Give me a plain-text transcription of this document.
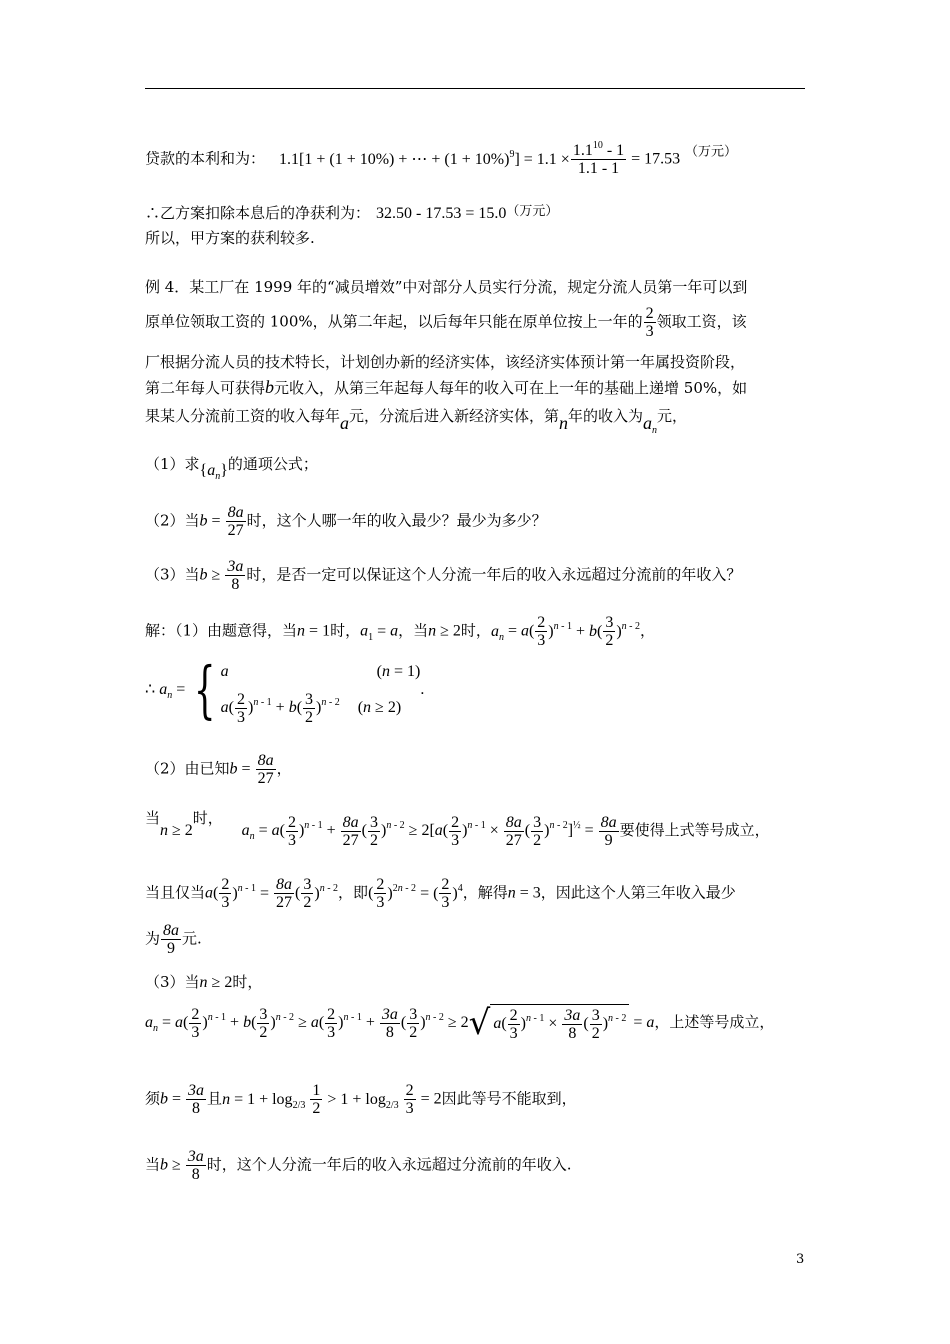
贷款的本利和为： 1.1[1 + (1 + 10%) + ⋯ + $(1 + 10\%)^9] = 1.1 \times \frac{1.1^{10} - 1}{1.1 - 1} = 17.53$ （万元）
∴乙方案扣除本息后的净获利为： 32.50 - 17.53 = 15.0（万元）
所以，甲方案的获利较多.
例 4．某工厂在 1999 年的“减员增效”中对部分人员实行分流，规定分流人员第一年可以到
原单位领取工资的 100%，从第二年起，以后每年只能在原单位按上一年的 $\frac{2}{3}$ 领取工资，该
厂根据分流人员的技术特长，计划创办新的经济实体，该经济实体预计第一年属投资阶段，
第二年每人可获得b元收入，从第三年起每人每年的收入可在上一年的基础上递增 50%，如
果某人分流前工资的收入每年a元，分流后进入新经济实体，第n年的收入为$a_n$元，
（1）求$\{a_n\}$的通项公式；
（2）当$b = \frac{8a}{27}$ 时，这个人哪一年的收入最少？最少为多少？
（3）当$b \ge \frac{3a}{8}$ 时，是否一定可以保证这个人分流一年后的收入永远超过分流前的年收入？
解：（1）由题意得，当n = 1时，$a_1 = a$，当n ≥ 2时，$a_n = a( \frac{2}{3} )^{n - 1} + b( \frac{3}{2} )^{n - 2}$，
∴ $a_n$ = { a	(n = 1)
$a( \frac{2}{3} )^{n - 1} + b( \frac{3}{2} )^{n - 2}$ (n ≥ 2)
.
（2）由已知$b = \frac{8a}{27}$ ，
当n ≥ 2时， $a_n = a( \frac{2}{3} )^{n - 1} + \frac{8a}{27}$ ( $\frac{3}{2} )^{n - 2} \ge 2[a( \frac{2}{3} )^{n - 1} \times \frac{8a}{27}$ ( $\frac{3}{2} )^{n - 2}]^{\frac{1}{2}} = \frac{8a}{9}$ 要使得上式等号成立，
当且仅当$a( \frac{2}{3} )^{n - 1} = \frac{8a}{27}$ ( $\frac{3}{2} )^{n - 2}$，即( $\frac{2}{3} )^{2n - 2}$ = ( $\frac{2}{3} )^4$，解得n = 3，因此这个人第三年收入最少
为 $\frac{8a}{9}$ 元.
（3）当n ≥ 2时，
$a_n = a( \frac{2}{3} )^{n - 1} + b( \frac{3}{2} )^{n - 2} \ge a( \frac{2}{3} )^{n - 1} + \frac{3a}{8}$ ( $\frac{3}{2} )^{n - 2} \ge 2√$ $a( \frac{2}{3} )^{n - 1} \times \frac{3a}{8}$ ( $\frac{3}{2} )^{n - 2} = a$，上述等号成立，
须$b = \frac{3a}{8}$ 且$n = 1 + \log_{2/3} \frac{1}{2} > 1 + \log_{2/3} \frac{2}{3} = 2$因此等号不能取到，
当$b \ge \frac{3a}{8}$ 时，这个人分流一年后的收入永远超过分流前的年收入.
3
